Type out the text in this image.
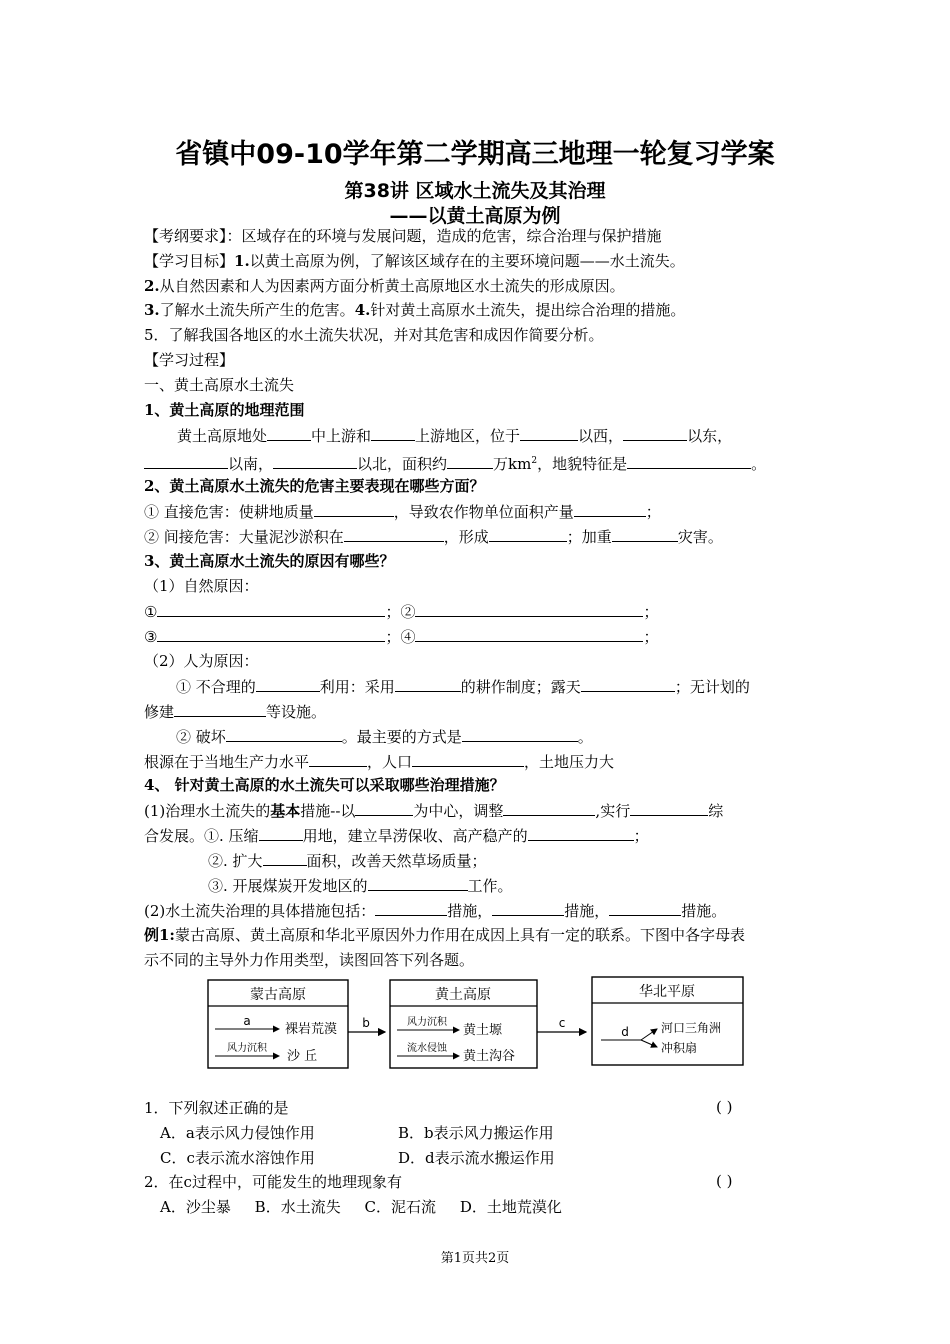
省镇中09-10学年第二学期高三地理一轮复习学案
第38讲 区域水土流失及其治理
——以黄土高原为例
【考纲要求】：区域存在的环境与发展问题，造成的危害，综合治理与保护措施
【学习目标】1.以黄土高原为例，了解该区域存在的主要环境问题——水土流失。
2.从自然因素和人为因素两方面分析黄土高原地区水土流失的形成原因。
3.了解水土流失所产生的危害。4.针对黄土高原水土流失，提出综合治理的措施。
5．了解我国各地区的水土流失状况，并对其危害和成因作简要分析。
【学习过程】
一、黄土高原水土流失
1、黄土高原的地理范围
黄土高原地处	中上游和	上游地区，位于	以西，	以东，
以南，	以北，面积约	万$km^2$，地貌特征是	。
2、黄土高原水土流失的危害主要表现在哪些方面？
① 直接危害：使耕地质量	，导致农作物单位面积产量	；
② 间接危害：大量泥沙淤积在	，形成	；加重	灾害。
3、黄土高原水土流失的原因有哪些？
（1）自然原因：
①	；②	；
③	；④	；
（2）人为原因：
① 不合理的	利用：采用	的耕作制度；露天	；无计划的
修建	等设施。
② 破坏	。最主要的方式是	。
根源在于当地生产力水平	，人口	，土地压力大
4、 针对黄土高原的水土流失可以采取哪些治理措施？
(1)治理水土流失的基本措施--以	为中心，调整	,实行	综
合发展。①. 压缩	用地，建立旱涝保收、高产稳产的	；
②. 扩大	面积，改善天然草场质量；
③. 开展煤炭开发地区的	工作。
(2)水土流失治理的具体措施包括：	措施，	措施，	措施。
例1:蒙古高原、黄土高原和华北平原因外力作用在成因上具有一定的联系。下图中各字母表
示不同的主导外力作用类型，读图回答下列各题。
蒙古高原
a
裸岩荒漠
风力沉积
沙 丘
b
黄土高原
风力沉积
黄土塬
流水侵蚀
黄土沟谷
c
华北平原
d	河口三角洲
冲积扇
1．下列叙述正确的是	( )
A．a表示风力侵蚀作用	B．b表示风力搬运作用
C．c表示流水溶蚀作用	D．d表示流水搬运作用
2．在c过程中，可能发生的地理现象有	( )
A．沙尘暴     B．水土流失     C．泥石流     D．土地荒漠化
第1页共2页
